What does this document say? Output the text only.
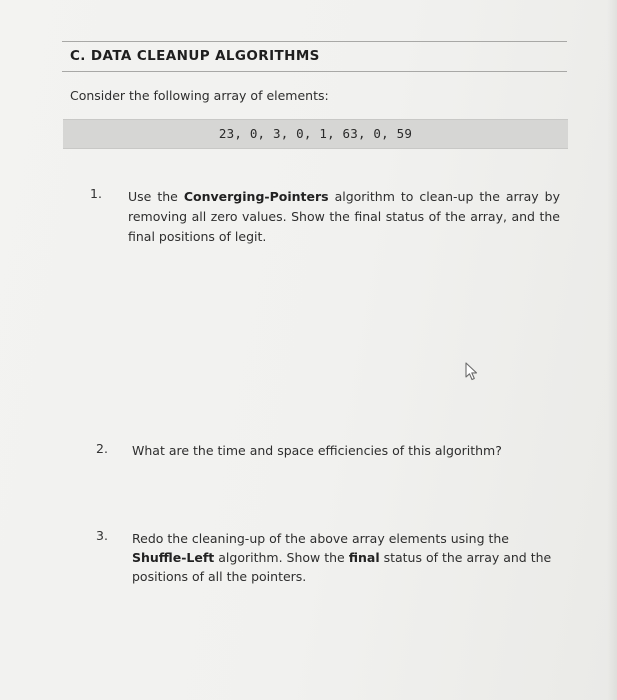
C. DATA CLEANUP ALGORITHMS

Consider the following array of elements:

23, 0, 3, 0, 1, 63, 0, 59
1. Use the Converging-Pointers algorithm to clean-up the array by removing all zero values. Show the final status of the array, and the final positions of legit.

2. What are the time and space efficiencies of this algorithm?

3. Redo the cleaning-up of the above array elements using the Shuffle-Left algorithm. Show the final status of the array and the positions of all the pointers.
